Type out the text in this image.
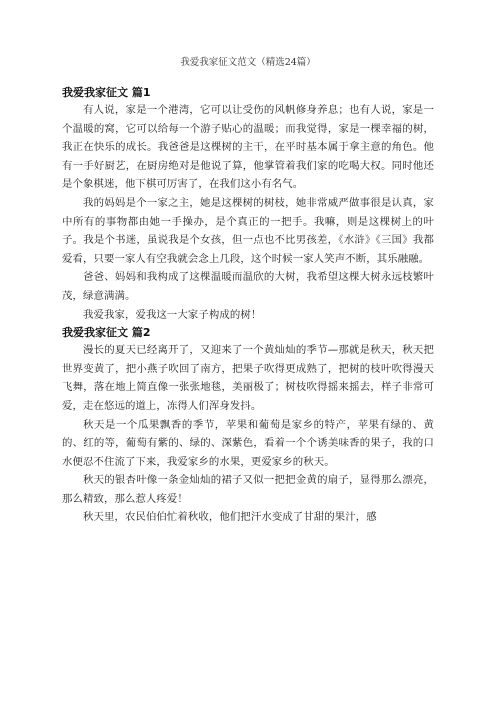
我爱我家征文范文（精选24篇）
我爱我家征文 篇1

有人说，家是一个港湾，它可以让受伤的风帆修身养息；也有人说，家是一个温暖的窝，它可以给每一个游子贴心的温暖；而我觉得，家是一棵幸福的树，我正在快乐的成长。我爸爸是这棵树的主干，在平时基本属于拿主意的角色。他有一手好厨艺，在厨房绝对是他说了算，他掌管着我们家的吃喝大权。同时他还是个象棋迷，他下棋可厉害了，在我们这小有名气。

我的妈妈是个一家之主，她是这棵树的树枝，她非常威严做事很是认真，家中所有的事物都由她一手操办，是个真正的一把手。我嘛，则是这棵树上的叶子。我是个书迷，虽说我是个女孩，但一点也不比男孩差，《水浒》《三国》我都爱看，只要一家人有空我就会念上几段，这个时候一家人笑声不断，其乐融融。

爸爸、妈妈和我构成了这棵温暖而温欣的大树，我希望这棵大树永远枝繁叶茂，绿意满满。

我爱我家，爱我这一大家子构成的树！

我爱我家征文 篇2

漫长的夏天已经离开了，又迎来了一个黄灿灿的季节—那就是秋天，秋天把世界变黄了，把小燕子吹回了南方，把果子吹得更成熟了，把树的枝叶吹得漫天飞舞，落在地上简直像一张张地毯，美丽极了；树枝吹得摇来摇去，样子非常可爱，走在悠远的道上，冻得人们浑身发抖。

秋天是一个瓜果飘香的季节，苹果和葡萄是家乡的特产，苹果有绿的、黄的、红的等，葡萄有紫的、绿的、深紫色，看着一个个诱美味香的果子，我的口水便忍不住流了下来，我爱家乡的水果，更爱家乡的秋天。

秋天的银杏叶像一条金灿灿的裙子又似一把把金黄的扇子，显得那么漂亮，那么精致，那么惹人疼爱！

秋天里，农民伯伯忙着秋收，他们把汗水变成了甘甜的果汁，感
